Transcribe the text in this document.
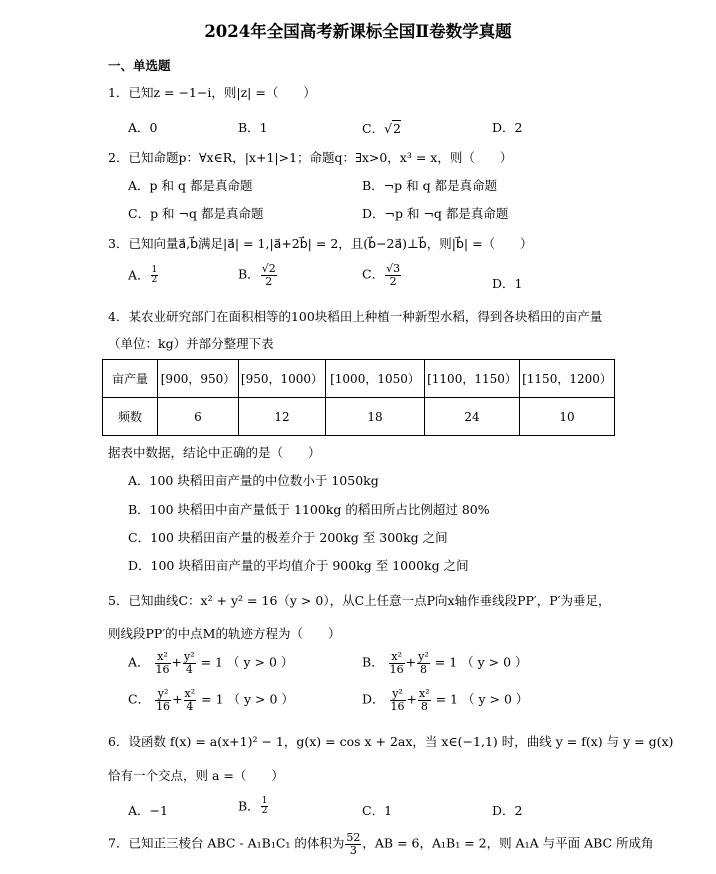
2024年全国高考新课标全国Ⅱ卷数学真题
一、单选题
1．已知z = −1−i，则|z| =（　　）
A．0	B．1	C．√2	D．2
2．已知命题p：∀x∈R，|x+1|>1；命题q：∃x>0，x³ = x，则（　　）
A．p 和 q 都是真命题	B．¬p 和 q 都是真命题
C．p 和 ¬q 都是真命题	D．¬p 和 ¬q 都是真命题
3．已知向量a⃗,b⃗满足|a⃗| = 1,|a⃗+2b⃗| = 2，且(b⃗−2a⃗)⊥b⃗，则|b⃗| =（　　）
A． $\frac{1}{2}$	B． $\frac{√2}{2}$	C． $\frac{√3}{2}$	D．1
4．某农业研究部门在面积相等的100块稻田上种植一种新型水稻，得到各块稻田的亩产量
（单位：kg）并部分整理下表
亩产量	[900，950）	[950，1000）	[1000，1050）	[1100，1150）	[1150，1200）
频数	6	12	18	24	10
据表中数据，结论中正确的是（　　）
A．100 块稻田亩产量的中位数小于 1050kg
B．100 块稻田中亩产量低于 1100kg 的稻田所占比例超过 80%
C．100 块稻田亩产量的极差介于 200kg 至 300kg 之间
D．100 块稻田亩产量的平均值介于 900kg 至 1000kg 之间
5．已知曲线C：x² + y² = 16（y > 0），从C上任意一点P向x轴作垂线段PP′，P′为垂足，
则线段PP′的中点M的轨迹方程为（　　）
A． $\frac{\text{x²}}{16} + \frac{\text{y²}}{4} = 1$ （ y > 0 ）	B． $\frac{\text{x²}}{16} + \frac{\text{y²}}{8} = 1$ （ y > 0 ）
C． $\frac{\text{y²}}{16} + \frac{\text{x²}}{4} = 1$ （ y > 0 ）	D． $\frac{\text{y²}}{16} + \frac{\text{x²}}{8} = 1$ （ y > 0 ）
6．设函数 f(x) = a(x+1)² − 1，g(x) = cos x + 2ax，当 x∈(−1,1) 时，曲线 y = f(x) 与 y = g(x)
恰有一个交点，则 a =（　　）
A．−1	B． $\frac{1}{2}$	C．1	D．2
7．已知正三棱台 ABC - A₁B₁C₁ 的体积为 $\frac{52}{3}$ ，AB = 6，A₁B₁ = 2，则 A₁A 与平面 ABC 所成角
